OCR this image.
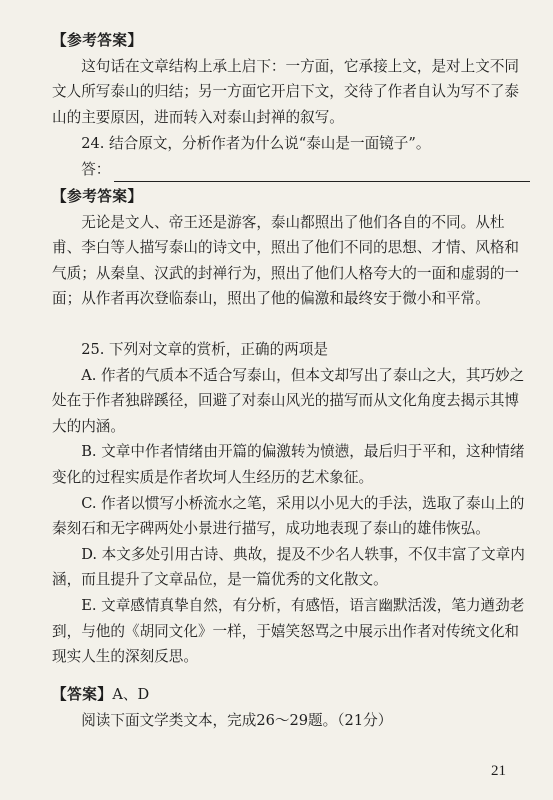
【参考答案】

这句话在文章结构上承上启下：一方面，它承接上文，是对上文不同文人所写泰山的归结；另一方面它开启下文，交待了作者自认为写不了泰山的主要原因，进而转入对泰山封禅的叙写。

24. 结合原文，分析作者为什么说“泰山是一面镜子”。

答：

【参考答案】

无论是文人、帝王还是游客，泰山都照出了他们各自的不同。从杜甫、李白等人描写泰山的诗文中，照出了他们不同的思想、才情、风格和气质；从秦皇、汉武的封禅行为，照出了他们人格夸大的一面和虚弱的一面；从作者再次登临泰山，照出了他的偏激和最终安于微小和平常。

25. 下列对文章的赏析，正确的两项是

A. 作者的气质本不适合写泰山，但本文却写出了泰山之大，其巧妙之处在于作者独辟蹊径，回避了对泰山风光的描写而从文化角度去揭示其博大的内涵。

B. 文章中作者情绪由开篇的偏激转为愤懑，最后归于平和，这种情绪变化的过程实质是作者坎坷人生经历的艺术象征。

C. 作者以惯写小桥流水之笔，采用以小见大的手法，选取了泰山上的秦刻石和无字碑两处小景进行描写，成功地表现了泰山的雄伟恢弘。

D. 本文多处引用古诗、典故，提及不少名人轶事，不仅丰富了文章内涵，而且提升了文章品位，是一篇优秀的文化散文。

E. 文章感情真挚自然，有分析，有感悟，语言幽默活泼，笔力遒劲老到，与他的《胡同文化》一样，于嬉笑怒骂之中展示出作者对传统文化和现实人生的深刻反思。

【答案】A、D

阅读下面文学类文本，完成26～29题。（21分）

21
